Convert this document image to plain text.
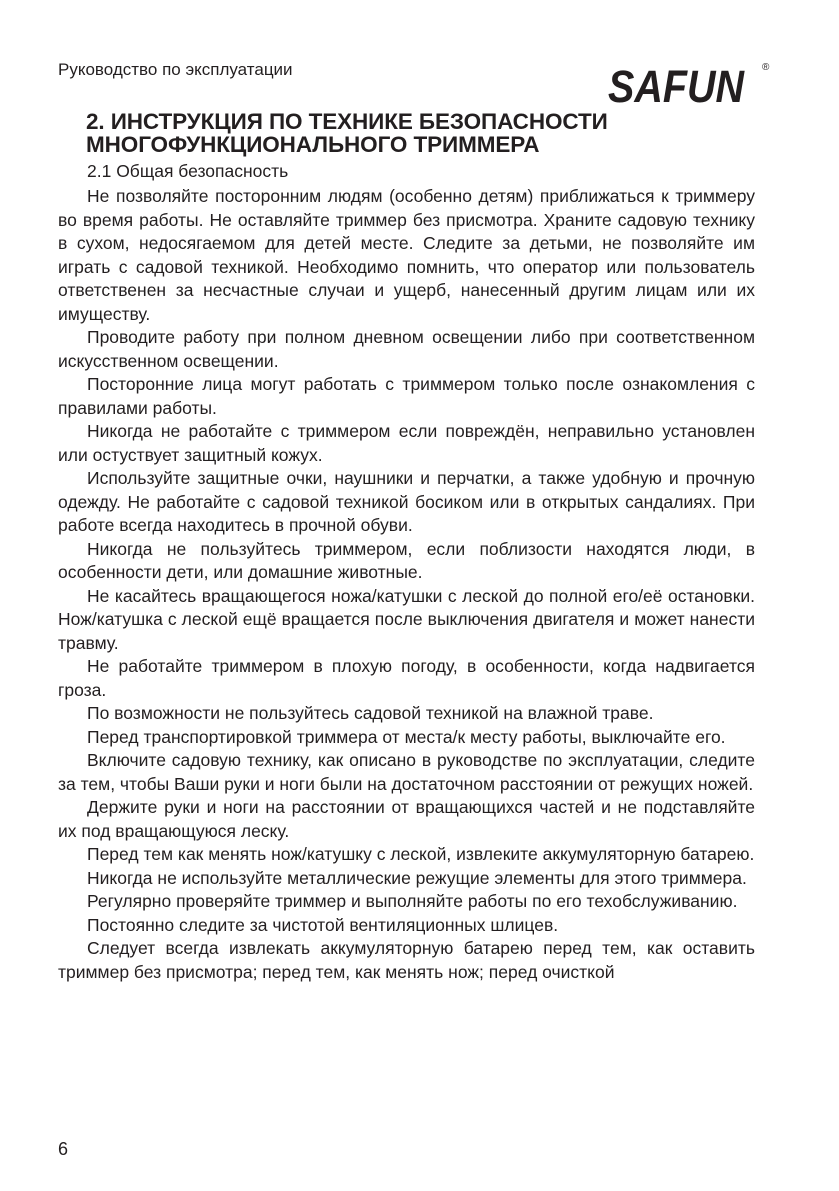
Руководство по эксплуатации	SAFUN ®
2. ИНСТРУКЦИЯ ПО ТЕХНИКЕ БЕЗОПАСНОСТИ
МНОГОФУНКЦИОНАЛЬНОГО ТРИММЕРА
2.1 Общая безопасность

Не позволяйте посторонним людям (особенно детям) приближаться к триммеру во время работы. Не оставляйте триммер без присмотра. Храните садовую технику в сухом, недосягаемом для детей месте. Следите за детьми, не позволяйте им играть с садовой техникой. Необходимо помнить, что оператор или пользователь ответственен за несчастные случаи и ущерб, нанесенный другим лицам или их имуществу.

Проводите работу при полном дневном освещении либо при соответственном искусственном освещении.

Посторонние лица могут работать с триммером только после ознакомления с правилами работы.

Никогда не работайте с триммером если повреждён, неправильно установлен или остуствует защитный кожух.

Используйте защитные очки, наушники и перчатки, а также удобную и прочную одежду. Не работайте с садовой техникой босиком или в открытых сандалиях. При работе всегда находитесь в прочной обуви.

Никогда не пользуйтесь триммером, если поблизости находятся люди, в особенности дети, или домашние животные.

Не касайтесь вращающегося ножа/катушки с леской до полной его/её остановки. Нож/катушка с леской ещё вращается после выключения двигателя и может нанести травму.

Не работайте триммером в плохую погоду, в особенности, когда надвигается гроза.

По возможности не пользуйтесь садовой техникой на влажной траве.

Перед транспортировкой триммера от места/к месту работы, выключайте его.

Включите садовую технику, как описано в руководстве по эксплуатации, следите за тем, чтобы Ваши руки и ноги были на достаточном расстоянии от режущих ножей.

Держите руки и ноги на расстоянии от вращающихся частей и не подставляйте их под вращающуюся леску.

Перед тем как менять нож/катушку с леской, извлеките аккумуляторную батарею.

Никогда не используйте металлические режущие элементы для этого триммера.

Регулярно проверяйте триммер и выполняйте работы по его техобслуживанию.

Постоянно следите за чистотой вентиляционных шлицев.

Следует всегда извлекать аккумуляторную батарею перед тем, как оставить триммер без присмотра; перед тем, как менять нож; перед очисткой

6
